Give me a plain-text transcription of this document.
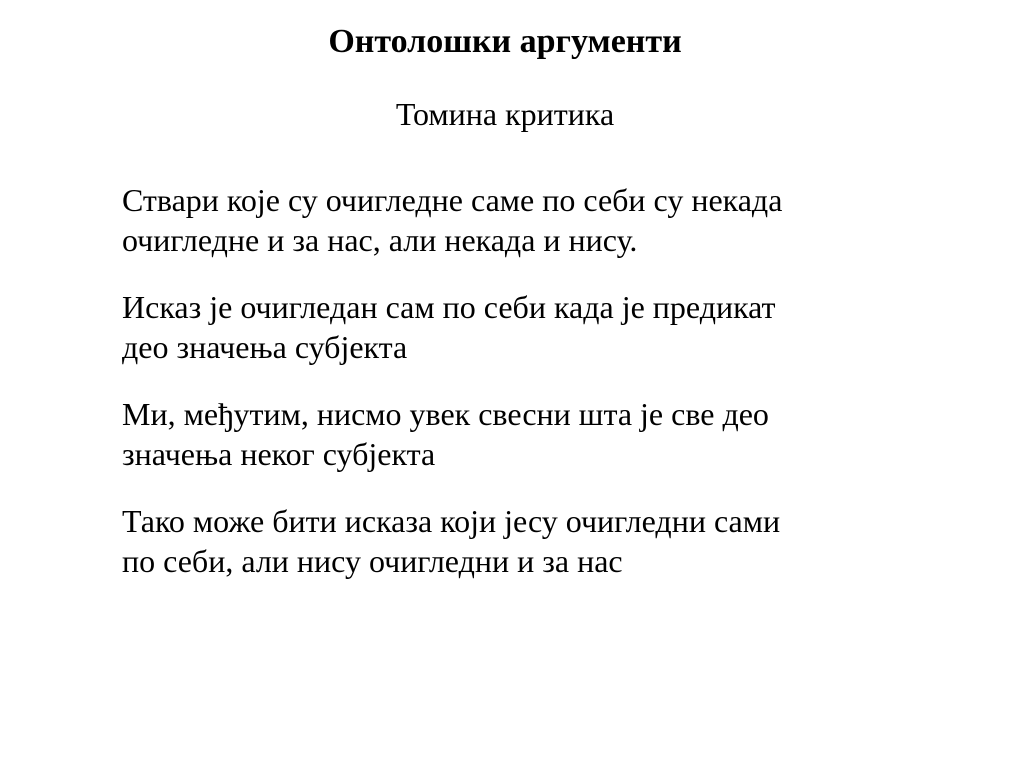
Онтолошки аргументи
Томина критика

Ствари које су очигледне саме по себи су некада
очигледне и за нас, али некада и нису.

Исказ је очигледан сам по себи када је предикат
део значења субјекта

Ми, међутим, нисмо увек свесни шта је све део
значења неког субјекта

Тако може бити исказа који јесу очигледни сами
по себи, али нису очигледни и за нас
